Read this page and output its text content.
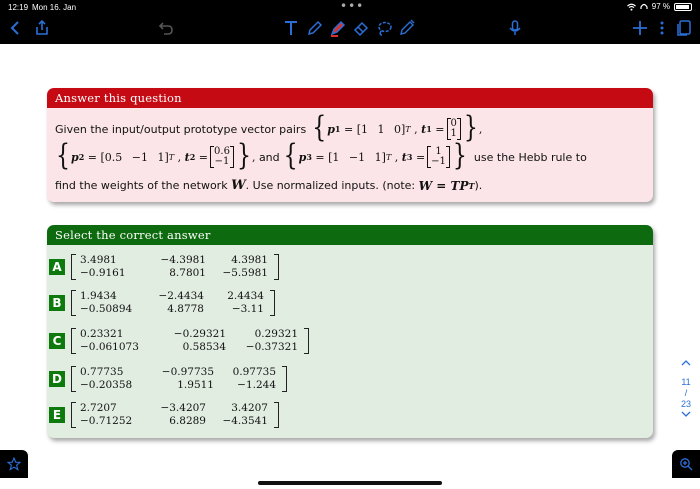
12:19 Mon 16. Jan	•••	97 %
Answer this question
Given the input/output prototype vector pairs { p 1 = [1 1 0] T , t 1 = 0
1 } ,
{ p 2 = [0.5 −1 1] T , t 2 = 0.6
−1 } , and { p 3 = [1 −1 1] T , t 3 = 1
−1 } use the Hebb rule to
find the weights of the network
W . Use normalized inputs. (note:
W = TP T ).
Select the correct answer
A	3.4981	−4.3981	4.3981
−0.9161	8.7801	−5.5981
B	1.9434	−2.4434	2.4434
−0.50894	4.8778	−3.11
C	0.23321	−0.29321	0.29321
−0.061073	0.58534	−0.37321
D 0.77735	−0.97735	0.97735
−0.20358	1.9511	−1.244
E	2.7207	−3.4207	3.4207
−0.71252	6.8289	−4.3541
11
/
23
